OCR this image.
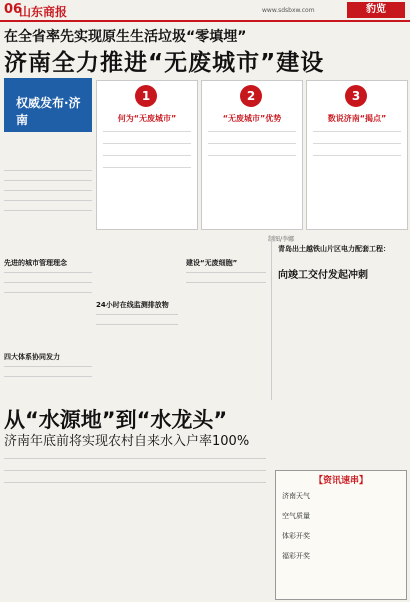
06
山东商报	www.sdsbxw.com	豹览
在全省率先实现原生生活垃圾“零填埋”
济南全力推进“无废城市”建设
权威发布·济南
1
何为“无废城市”
2
“无废城市”优势
3
数说济南“揭点”
制图/李娜
先进的城市管理理念
四大体系协同发力
24小时在线监测排放物
建设“无废细胞”
青岛出土越铁山片区电力配套工程：
向竣工交付发起冲刺
从“水源地”到“水龙头”
济南年底前将实现农村自来水入户率100%
【资讯速串】
济南天气
空气质量
体彩开奖
福彩开奖
